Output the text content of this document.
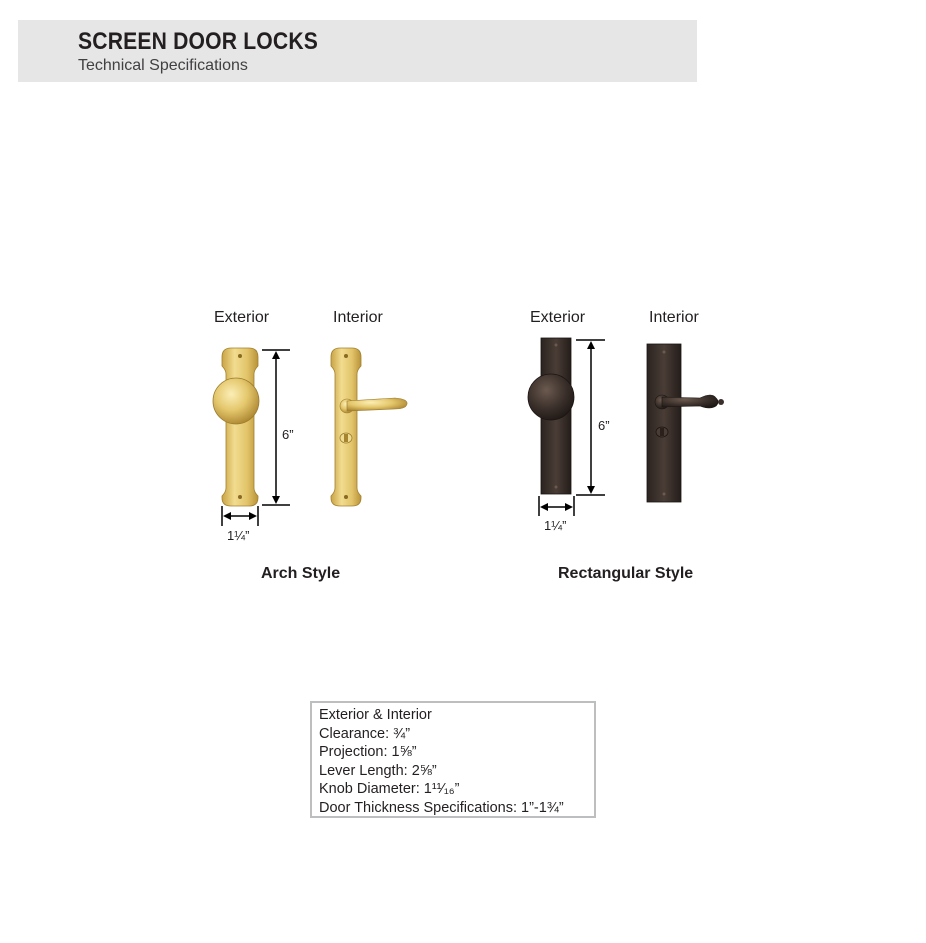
SCREEN DOOR LOCKS
Technical Specifications
Exterior	Interior
Arch Style
Exterior	Interior
Rectangular Style
6”
1¼”
6”
1¼”
Exterior & Interior
Clearance: ¾”
Projection: 1⅝”
Lever Length: 2⅝”
Knob Diameter: 1¹¹⁄₁₆”
Door Thickness Specifications: 1”-1¾”
